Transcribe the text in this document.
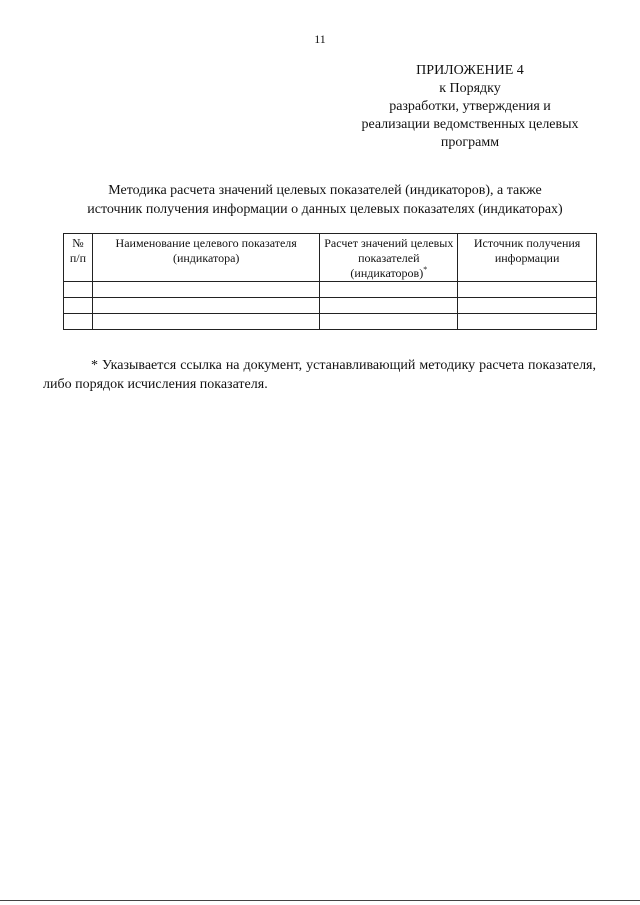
11
ПРИЛОЖЕНИЕ 4
к Порядку
разработки, утверждения и
реализации ведомственных целевых
программ
Методика расчета значений целевых показателей (индикаторов), а также
источник получения информации о данных целевых показателях (индикаторах)
№ п/п	Наименование целевого показателя (индикатора)	Расчет значений целевых показателей (индикаторов)*	Источник получения информации

* Указывается ссылка на документ, устанавливающий методику расчета показателя, либо порядок исчисления показателя.
